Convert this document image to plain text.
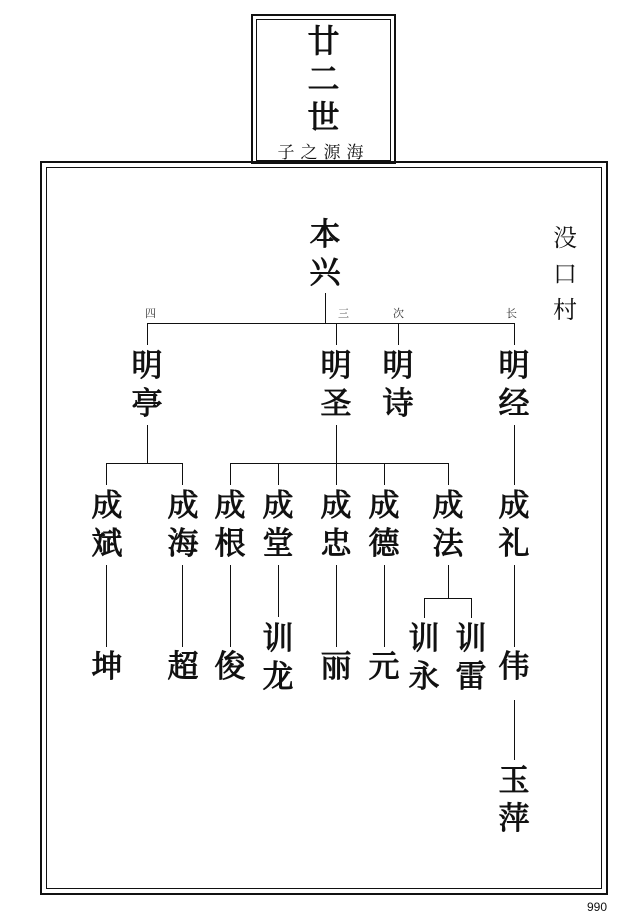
廿
二
世
子之源海
没
口
村
本
兴
四	三	次	长
明
亭
明
圣
明
诗
明
经
成
斌
成
海
成
根
成
堂
成
忠
成
德
成
法
成
礼
坤 超 俊
训
龙 丽 元
训
永
训
雷 伟
玉
萍
990
